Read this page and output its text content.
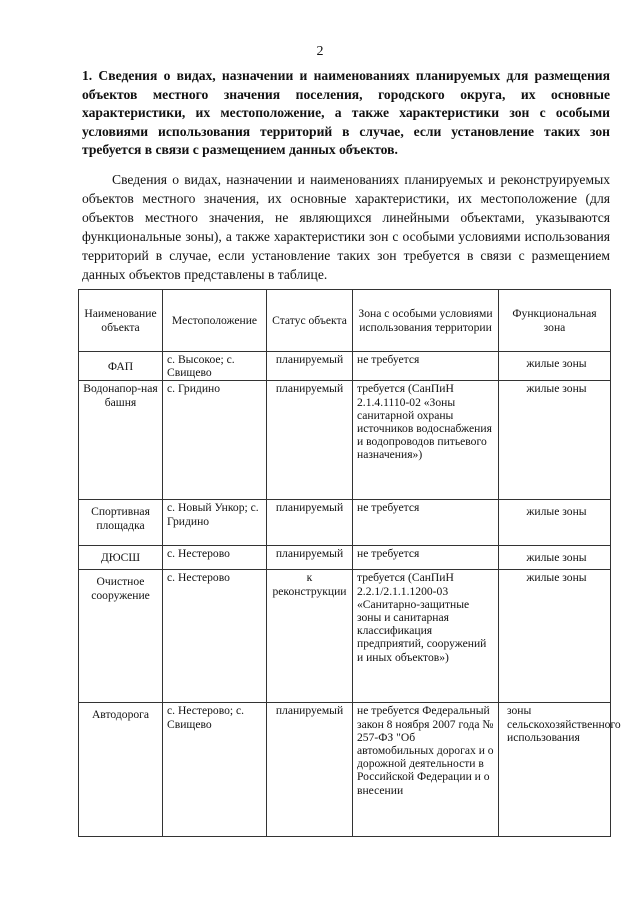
2

1. Сведения о видах, назначении и наименованиях планируемых для размещения объектов местного значения поселения, городского округа, их основные характеристики, их местоположение, а также характеристики зон с особыми условиями использования территорий в случае, если установление таких зон требуется в связи с размещением данных объектов.

Сведения о видах, назначении и наименованиях планируемых и реконструируемых объектов местного значения, их основные характеристики, их местоположение (для объектов местного значения, не являющихся линейными объектами, указываются функциональные зоны), а также характеристики зон с особыми условиями использования территорий в случае, если установление таких зон требуется в связи с размещением данных объектов представлены в таблице.

Наименование объекта	Местоположение	Статус объекта	Зона с особыми условиями использования территории	Функциональная зона
ФАП	с. Высокое; с. Свищево	планируемый	не требуется	жилые зоны
Водонапор-ная башня	с. Гридино	планируемый	требуется (СанПиН 2.1.4.1110-02 «Зоны санитарной охраны источников водоснабжения и водопроводов питьевого назначения»)	жилые зоны
Спортивная площадка	с. Новый Ункор; с. Гридино	планируемый	не требуется	жилые зоны
ДЮСШ	с. Нестерово	планируемый	не требуется	жилые зоны
Очистное сооружение	с. Нестерово	к реконструкции	требуется (СанПиН 2.2.1/2.1.1.1200-03 «Санитарно-защитные зоны и санитарная классификация предприятий, сооружений и иных объектов»)	жилые зоны
Автодорога	с. Нестерово; с. Свищево	планируемый	не требуется Федеральный закон 8 ноября 2007 года № 257-ФЗ "Об автомобильных дорогах и о дорожной деятельности в Российской Федерации и о внесении	зоны сельскохозяйственного использования
